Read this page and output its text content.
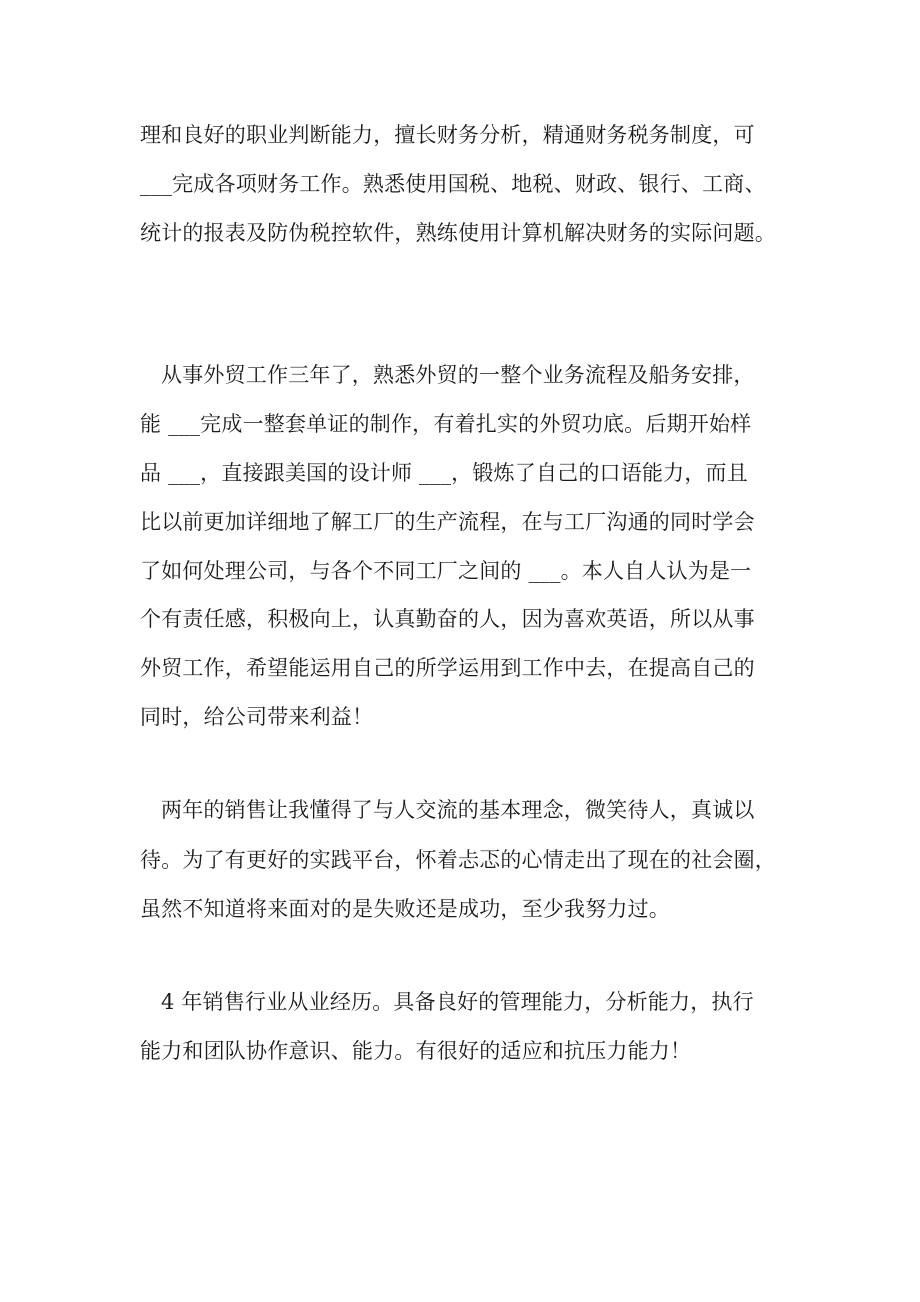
理和良好的职业判断能力，擅长财务分析，精通财务税务制度，可
___完成各项财务工作。熟悉使用国税、地税、财政、银行、工商、
统计的报表及防伪税控软件，熟练使用计算机解决财务的实际问题。
从事外贸工作三年了，熟悉外贸的一整个业务流程及船务安排，
能 ___完成一整套单证的制作，有着扎实的外贸功底。后期开始样
品 ___，直接跟美国的设计师 ___，锻炼了自己的口语能力，而且
比以前更加详细地了解工厂的生产流程，在与工厂沟通的同时学会
了如何处理公司，与各个不同工厂之间的 ___。本人自人认为是一
个有责任感，积极向上，认真勤奋的人，因为喜欢英语，所以从事
外贸工作，希望能运用自己的所学运用到工作中去，在提高自己的
同时，给公司带来利益！
两年的销售让我懂得了与人交流的基本理念，微笑待人，真诚以
待。为了有更好的实践平台，怀着忐忑的心情走出了现在的社会圈，
虽然不知道将来面对的是失败还是成功，至少我努力过。
4 年销售行业从业经历。具备良好的管理能力，分析能力，执行
能力和团队协作意识、能力。有很好的适应和抗压力能力！
